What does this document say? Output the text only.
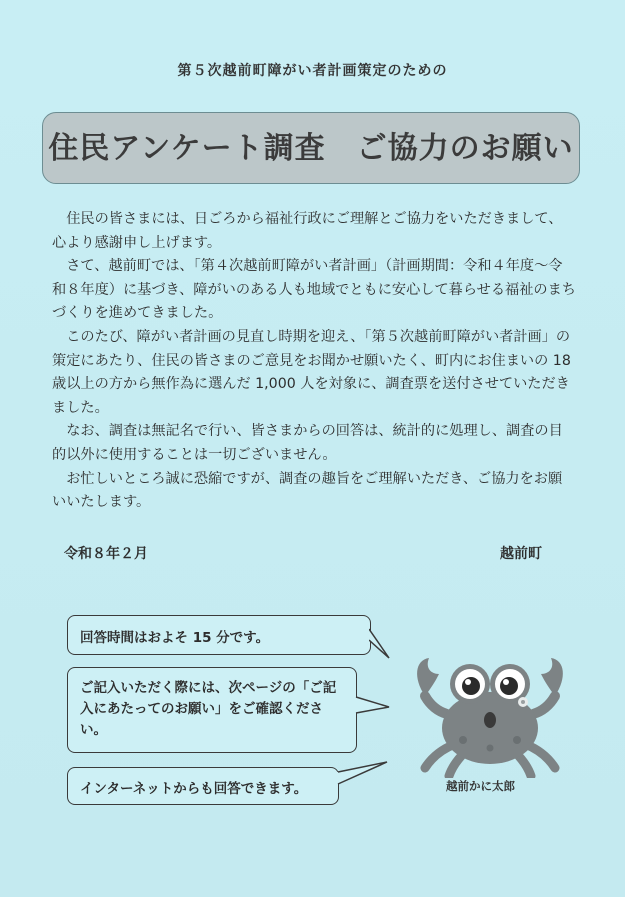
第５次越前町障がい者計画策定のための
住民アンケート調査　ご協力のお願い

住民の皆さまには、日ごろから福祉行政にご理解とご協力をいただきまして、心より感謝申し上げます。

さて、越前町では、「第４次越前町障がい者計画」（計画期間：令和４年度～令和８年度）に基づき、障がいのある人も地域でともに安心して暮らせる福祉のまちづくりを進めてきました。

このたび、障がい者計画の見直し時期を迎え、「第５次越前町障がい者計画」の策定にあたり、住民の皆さまのご意見をお聞かせ願いたく、町内にお住まいの 18 歳以上の方から無作為に選んだ 1,000 人を対象に、調査票を送付させていただきました。

なお、調査は無記名で行い、皆さまからの回答は、統計的に処理し、調査の目的以外に使用することは一切ございません。

お忙しいところ誠に恐縮ですが、調査の趣旨をご理解いただき、ご協力をお願いいたします。

令和８年２月	越前町
回答時間はおよそ 15 分です。
ご記入いただく際には、次ページの「ご記入にあたってのお願い」をご確認ください。
インターネットからも回答できます。	越前かに太郎
